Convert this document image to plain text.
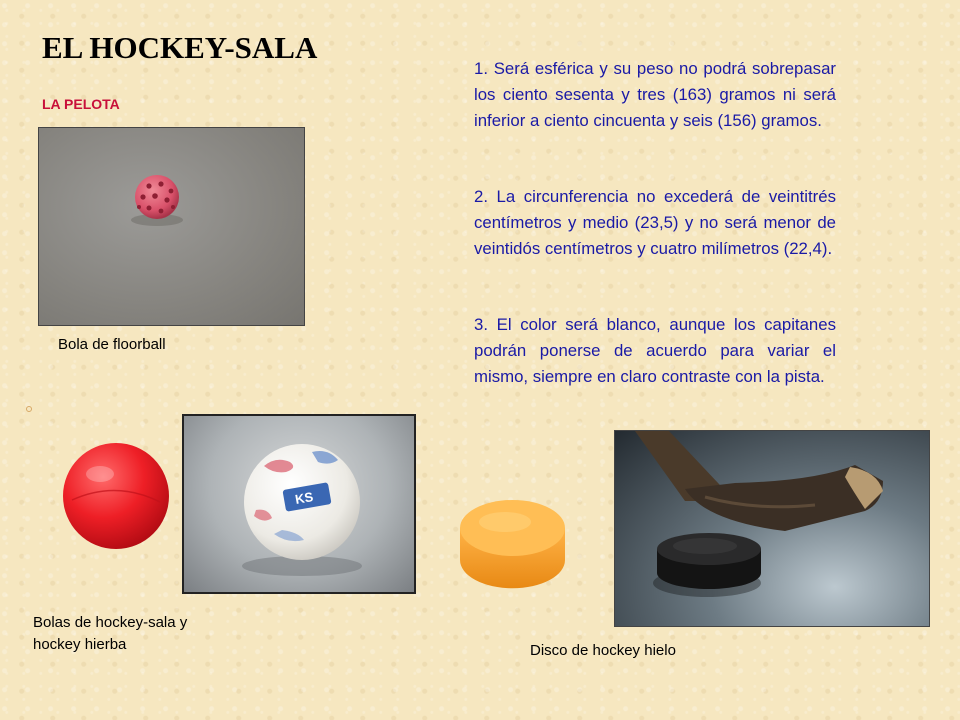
EL HOCKEY-SALA
LA PELOTA
Bola de floorball
KS
Bolas de hockey-sala y hockey hierba	Disco de hockey hielo

1. Será esférica y su peso no podrá sobrepasar los ciento sesenta y tres (163) gramos ni será inferior a ciento cincuenta y seis (156) gramos.

2. La circunferencia no excederá de veintitrés centímetros y medio (23,5) y no será menor de veintidós centímetros y cuatro milímetros (22,4).

3. El color será blanco, aunque los capitanes podrán ponerse de acuerdo para variar el mismo, siempre en claro contraste con la pista.
